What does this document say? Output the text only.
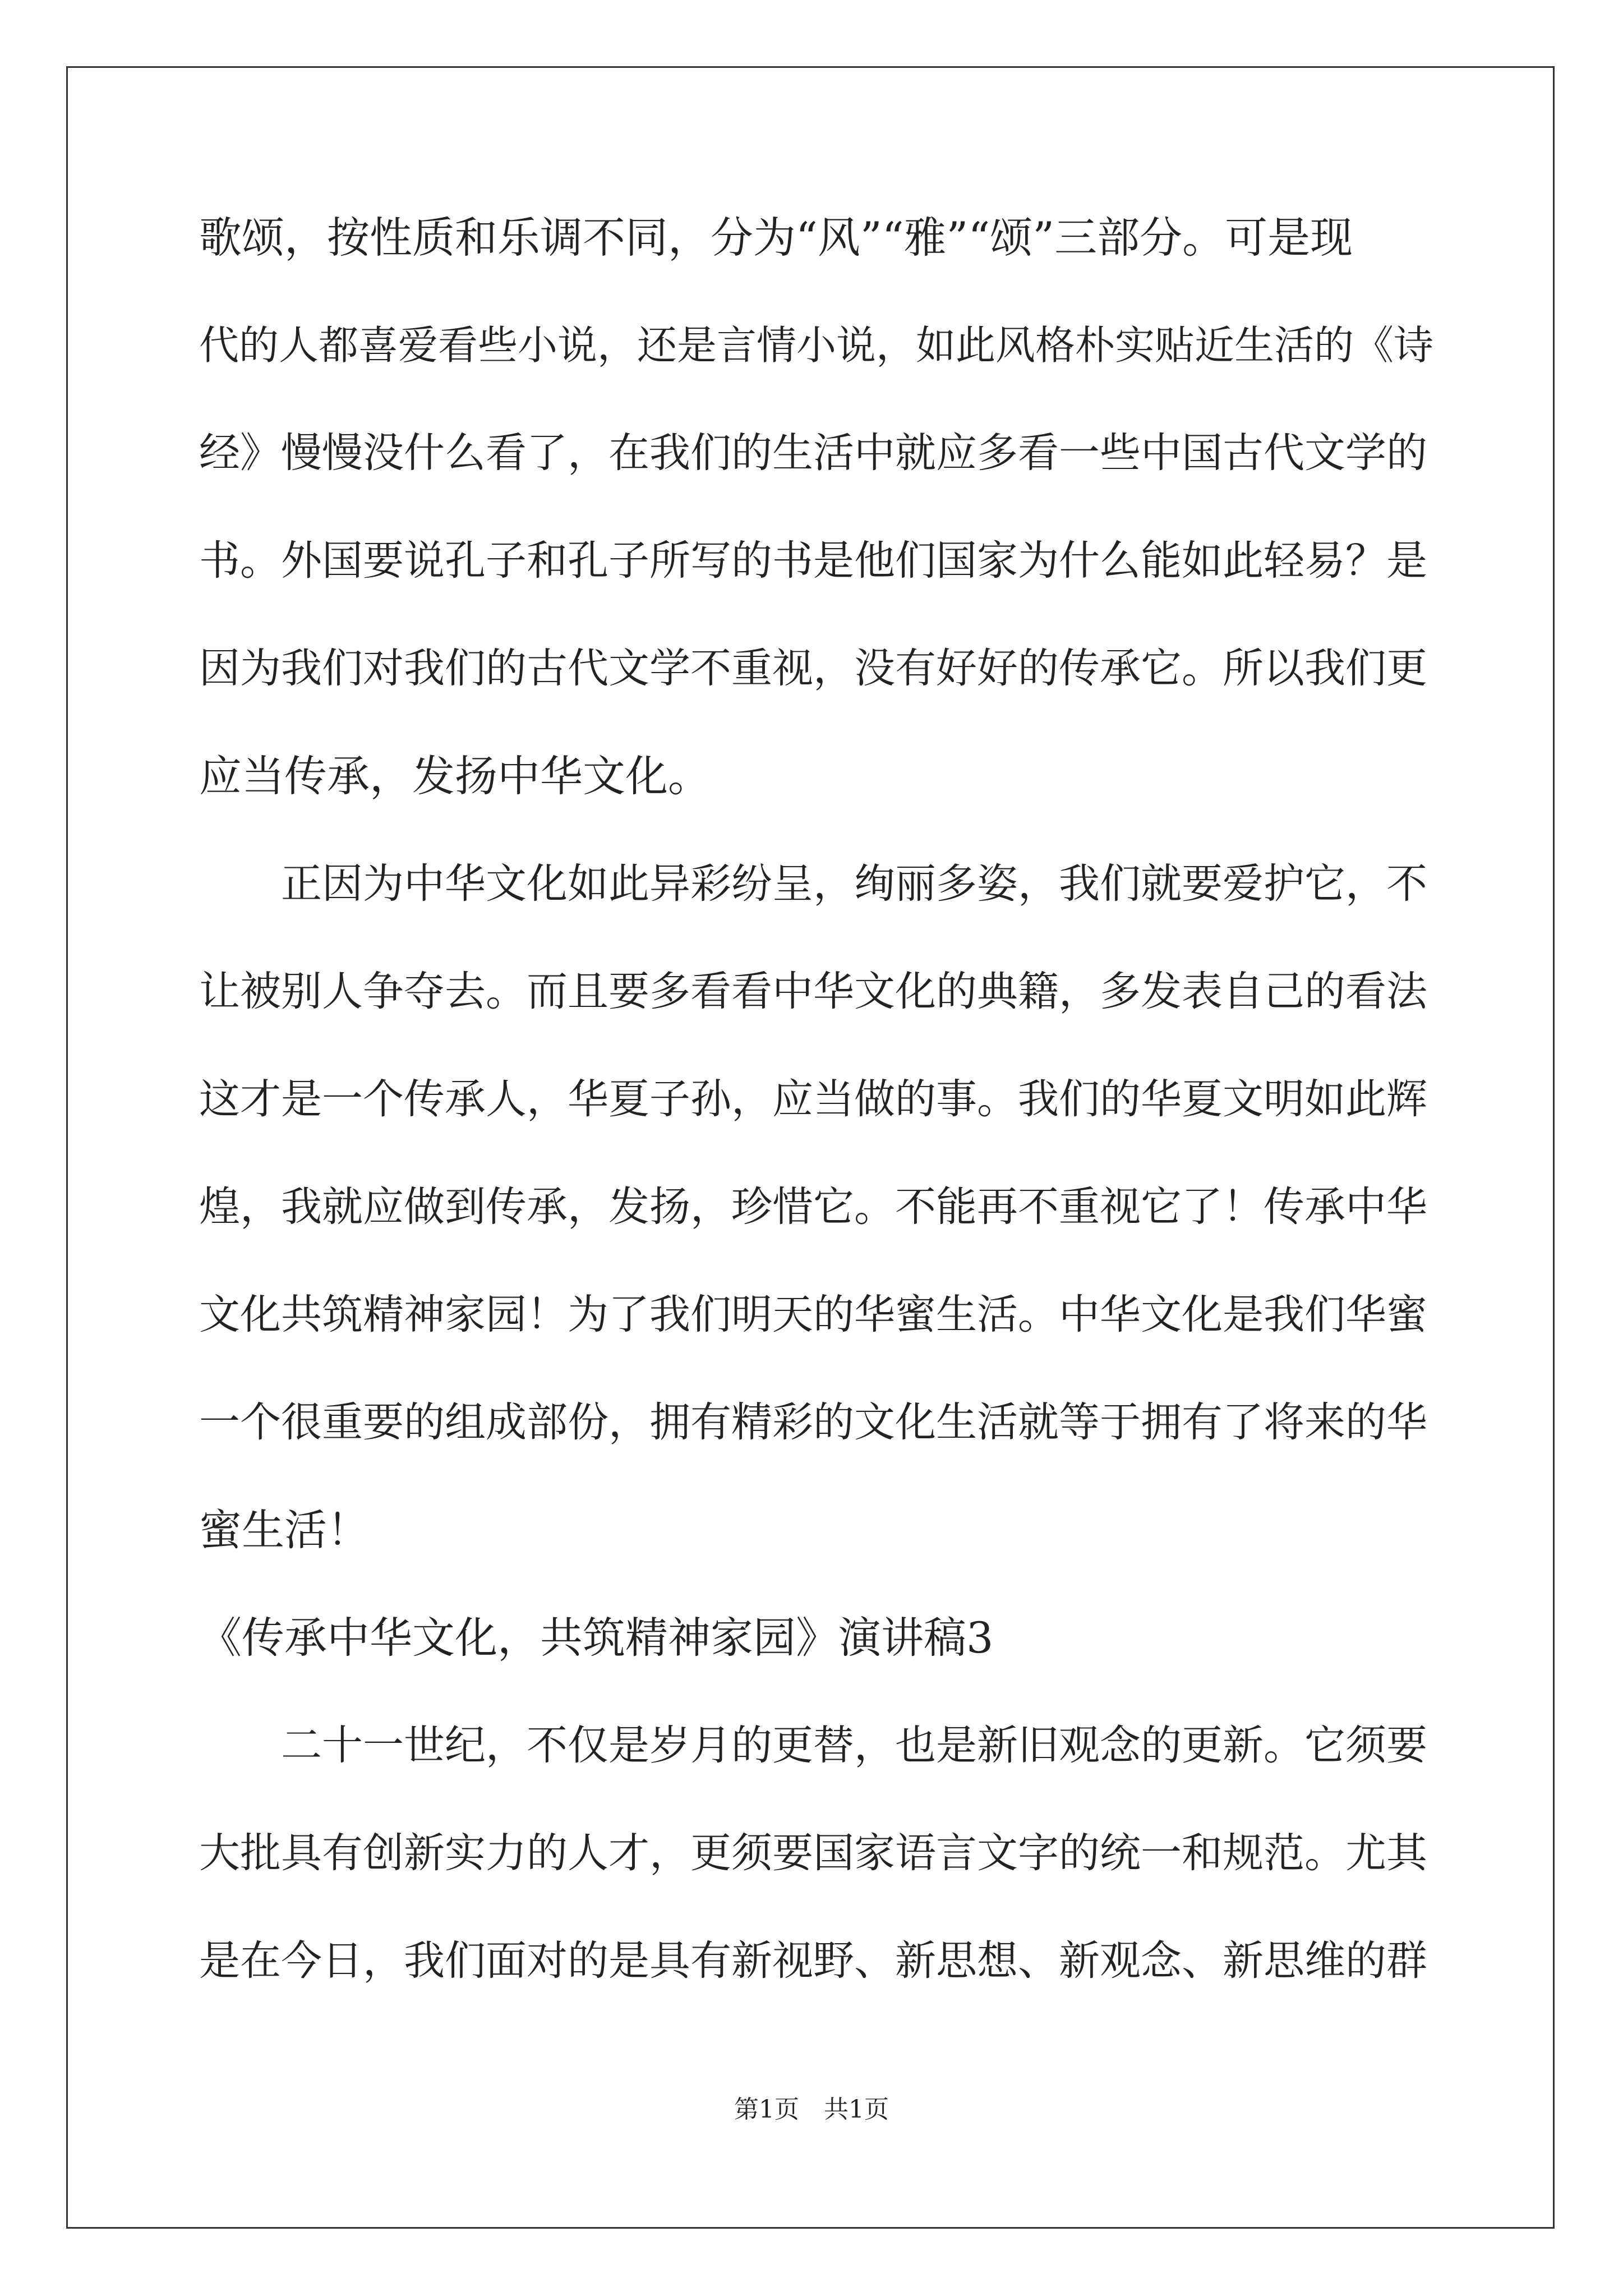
歌颂，按性质和乐调不同，分为“风”“雅”“颂”三部分。可是现
代的人都喜爱看些小说，还是言情小说，如此风格朴实贴近生活的《诗
经》慢慢没什么看了，在我们的生活中就应多看一些中国古代文学的
书。外国要说孔子和孔子所写的书是他们国家为什么能如此轻易？是
因为我们对我们的古代文学不重视，没有好好的传承它。所以我们更
应当传承，发扬中华文化。
　　正因为中华文化如此异彩纷呈，绚丽多姿，我们就要爱护它，不
让被别人争夺去。而且要多看看中华文化的典籍，多发表自己的看法
这才是一个传承人，华夏子孙，应当做的事。我们的华夏文明如此辉
煌，我就应做到传承，发扬，珍惜它。不能再不重视它了！传承中华
文化共筑精神家园！为了我们明天的华蜜生活。中华文化是我们华蜜
一个很重要的组成部份，拥有精彩的文化生活就等于拥有了将来的华
蜜生活！
《传承中华文化，共筑精神家园》演讲稿3
　　二十一世纪，不仅是岁月的更替，也是新旧观念的更新。它须要
大批具有创新实力的人才，更须要国家语言文字的统一和规范。尤其
是在今日，我们面对的是具有新视野、新思想、新观念、新思维的群
第1页　共1页
